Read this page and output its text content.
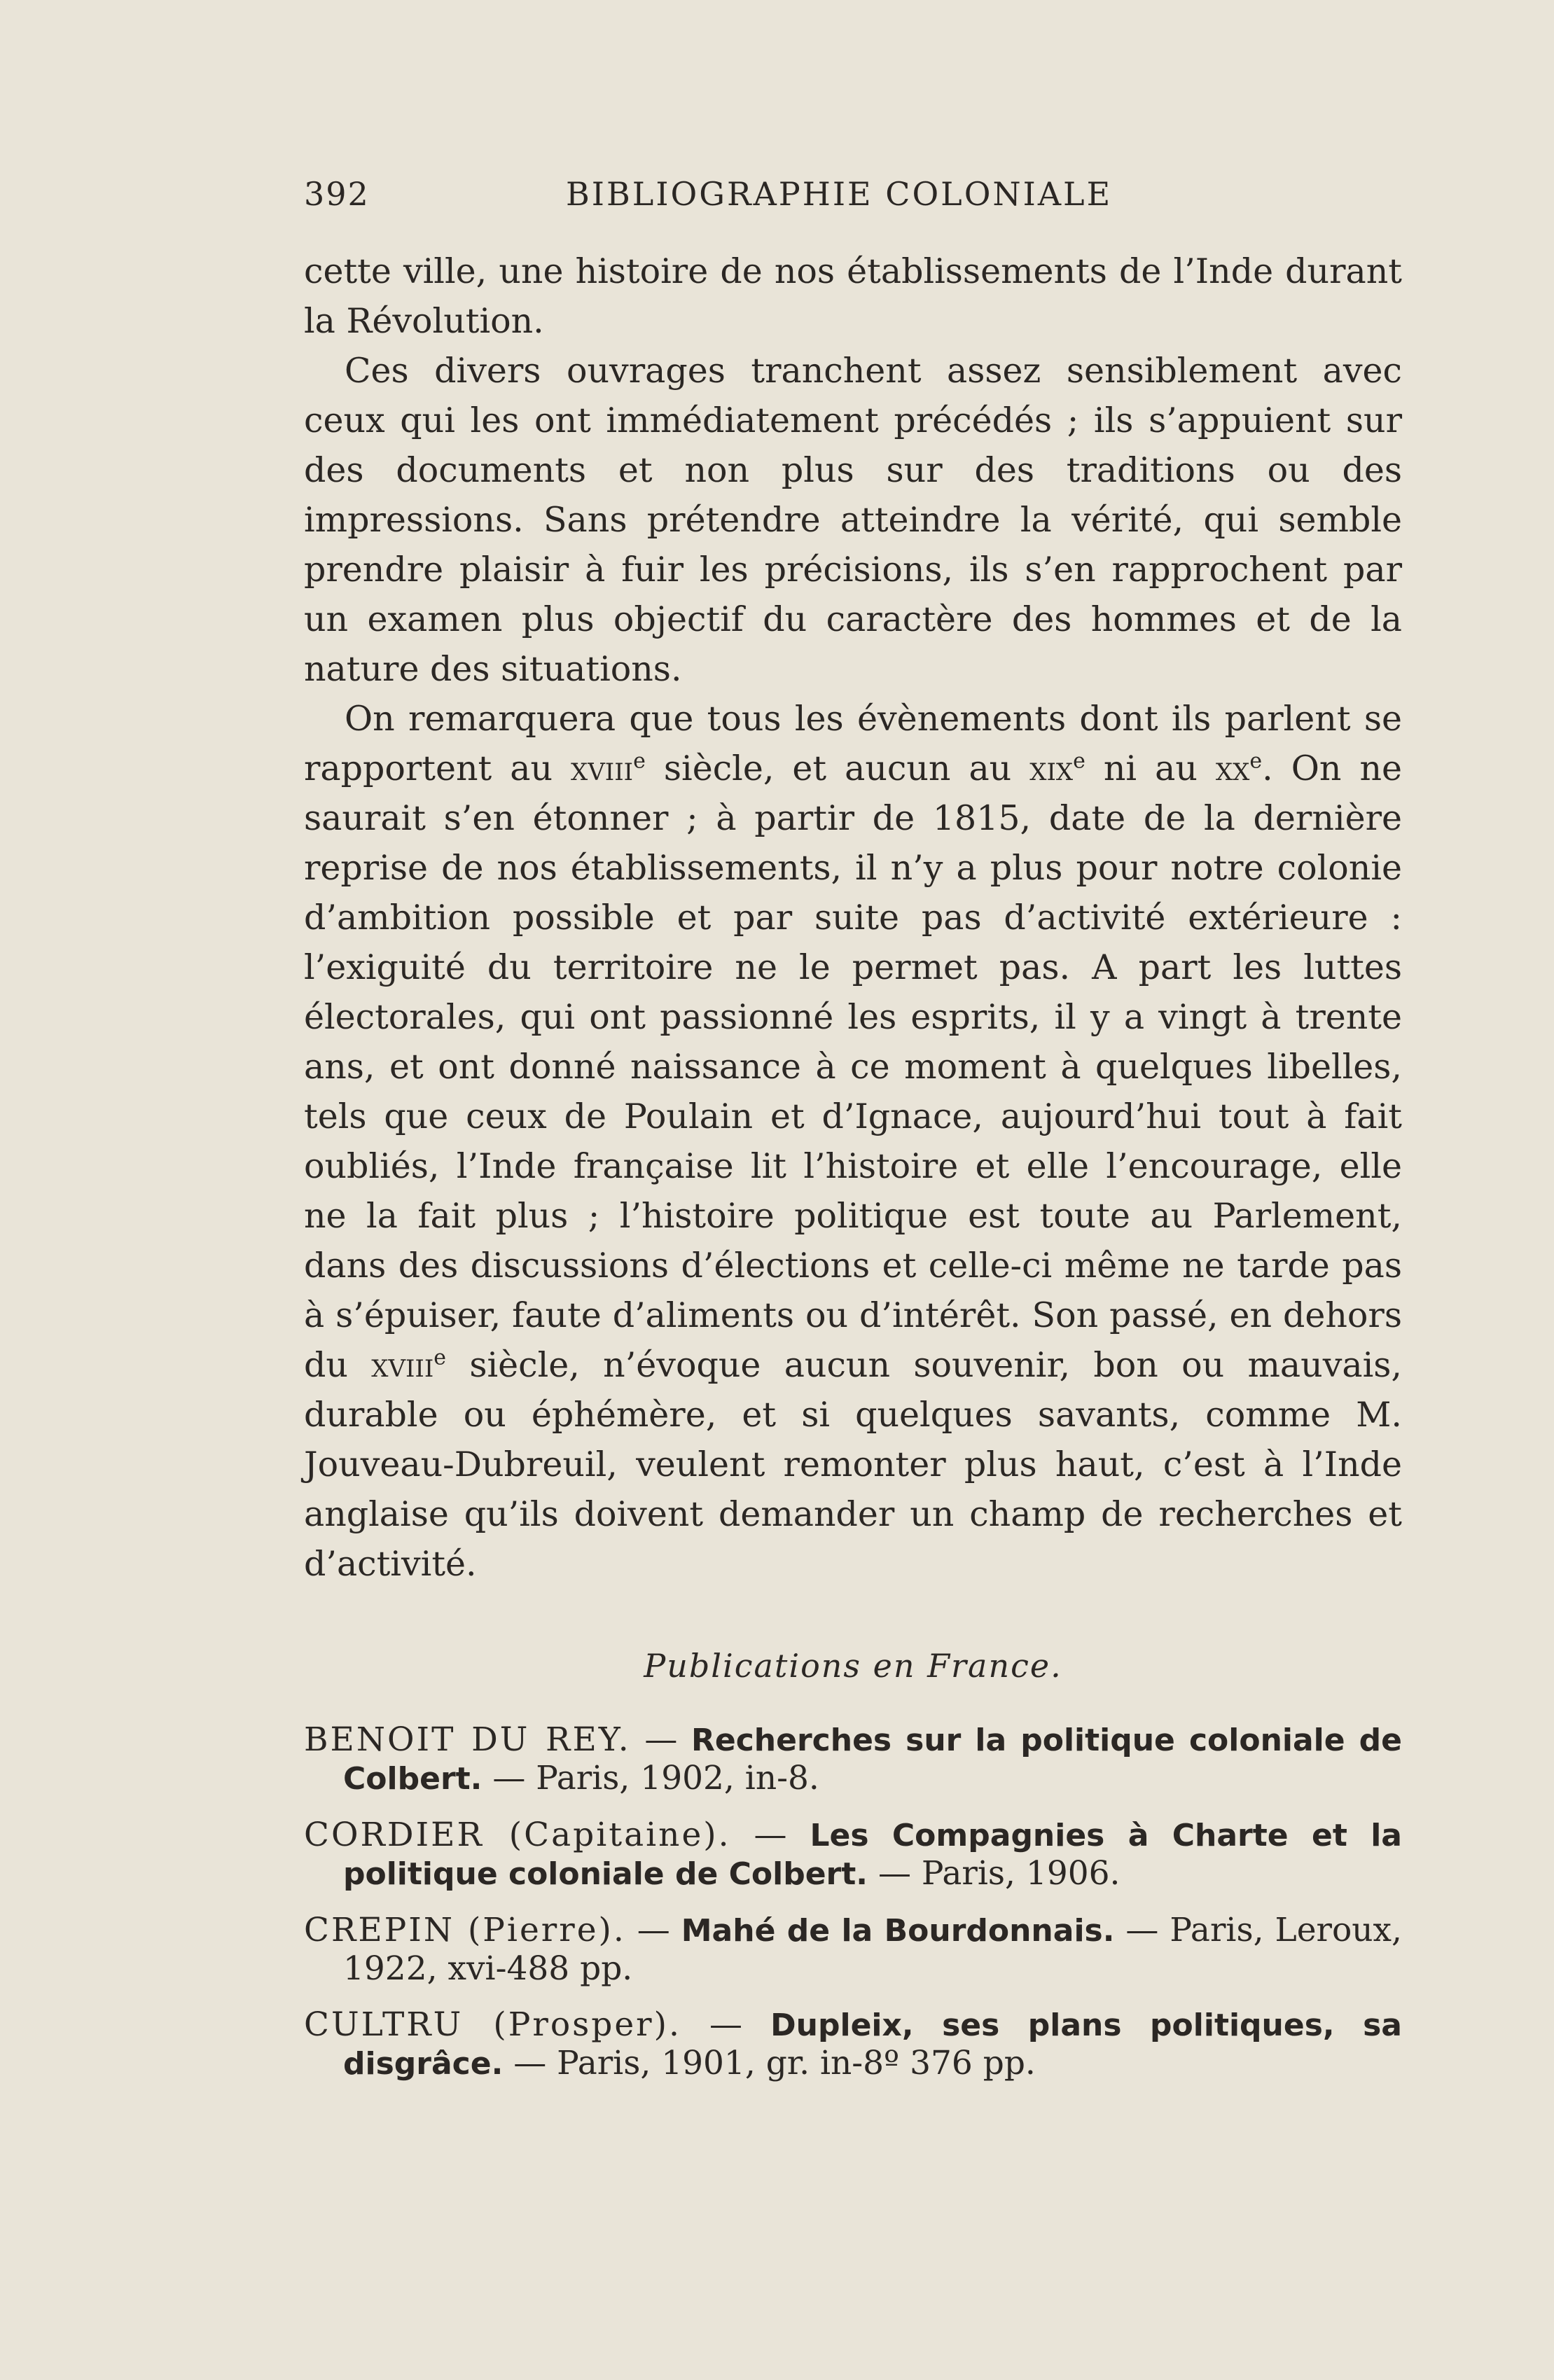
392	BIBLIOGRAPHIE COLONIALE

cette ville, une histoire de nos établissements de l’Inde durant la Révolution.

Ces divers ouvrages tranchent assez sensiblement avec ceux qui les ont immédiatement précédés ; ils s’appuient sur des documents et non plus sur des traditions ou des impressions. Sans prétendre atteindre la vérité, qui semble prendre plaisir à fuir les précisions, ils s’en rapprochent par un examen plus objectif du caractère des hommes et de la nature des situations.

On remarquera que tous les évènements dont ils parlent se rapportent au xviii$^e$ siècle, et aucun au xix$^e$ ni au $xx^e$. On ne saurait s’en étonner ; à partir de 1815, date de la dernière reprise de nos établissements, il n’y a plus pour notre colonie d’ambition possible et par suite pas d’activité extérieure : l’exiguité du territoire ne le permet pas. A part les luttes électorales, qui ont passionné les esprits, il y a vingt à trente ans, et ont donné naissance à ce moment à quelques libelles, tels que ceux de Poulain et d’Ignace, aujourd’hui tout à fait oubliés, l’Inde française lit l’histoire et elle l’encourage, elle ne la fait plus ; l’histoire politique est toute au Parlement, dans des discussions d’élections et celle-ci même ne tarde pas à s’épuiser, faute d’aliments ou d’intérêt. Son passé, en dehors du xviii$^e$ siècle, n’évoque aucun souvenir, bon ou mauvais, durable ou éphémère, et si quelques savants, comme M. Jouveau-Dubreuil, veulent remonter plus haut, c’est à l’Inde anglaise qu’ils doivent demander un champ de recherches et d’activité.

Publications en France.
BENOIT DU REY. — Recherches sur la politique coloniale de Colbert. — Paris, 1902, in-8.
CORDIER (Capitaine). — Les Compagnies à Charte et la politique coloniale de Colbert. — Paris, 1906.
CREPIN (Pierre). — Mahé de la Bourdonnais. — Paris, Leroux, 1922, xvi-488 pp.
CULTRU (Prosper). — Dupleix, ses plans politiques, sa disgrâce. — Paris, 1901, gr. in-8º 376 pp.
